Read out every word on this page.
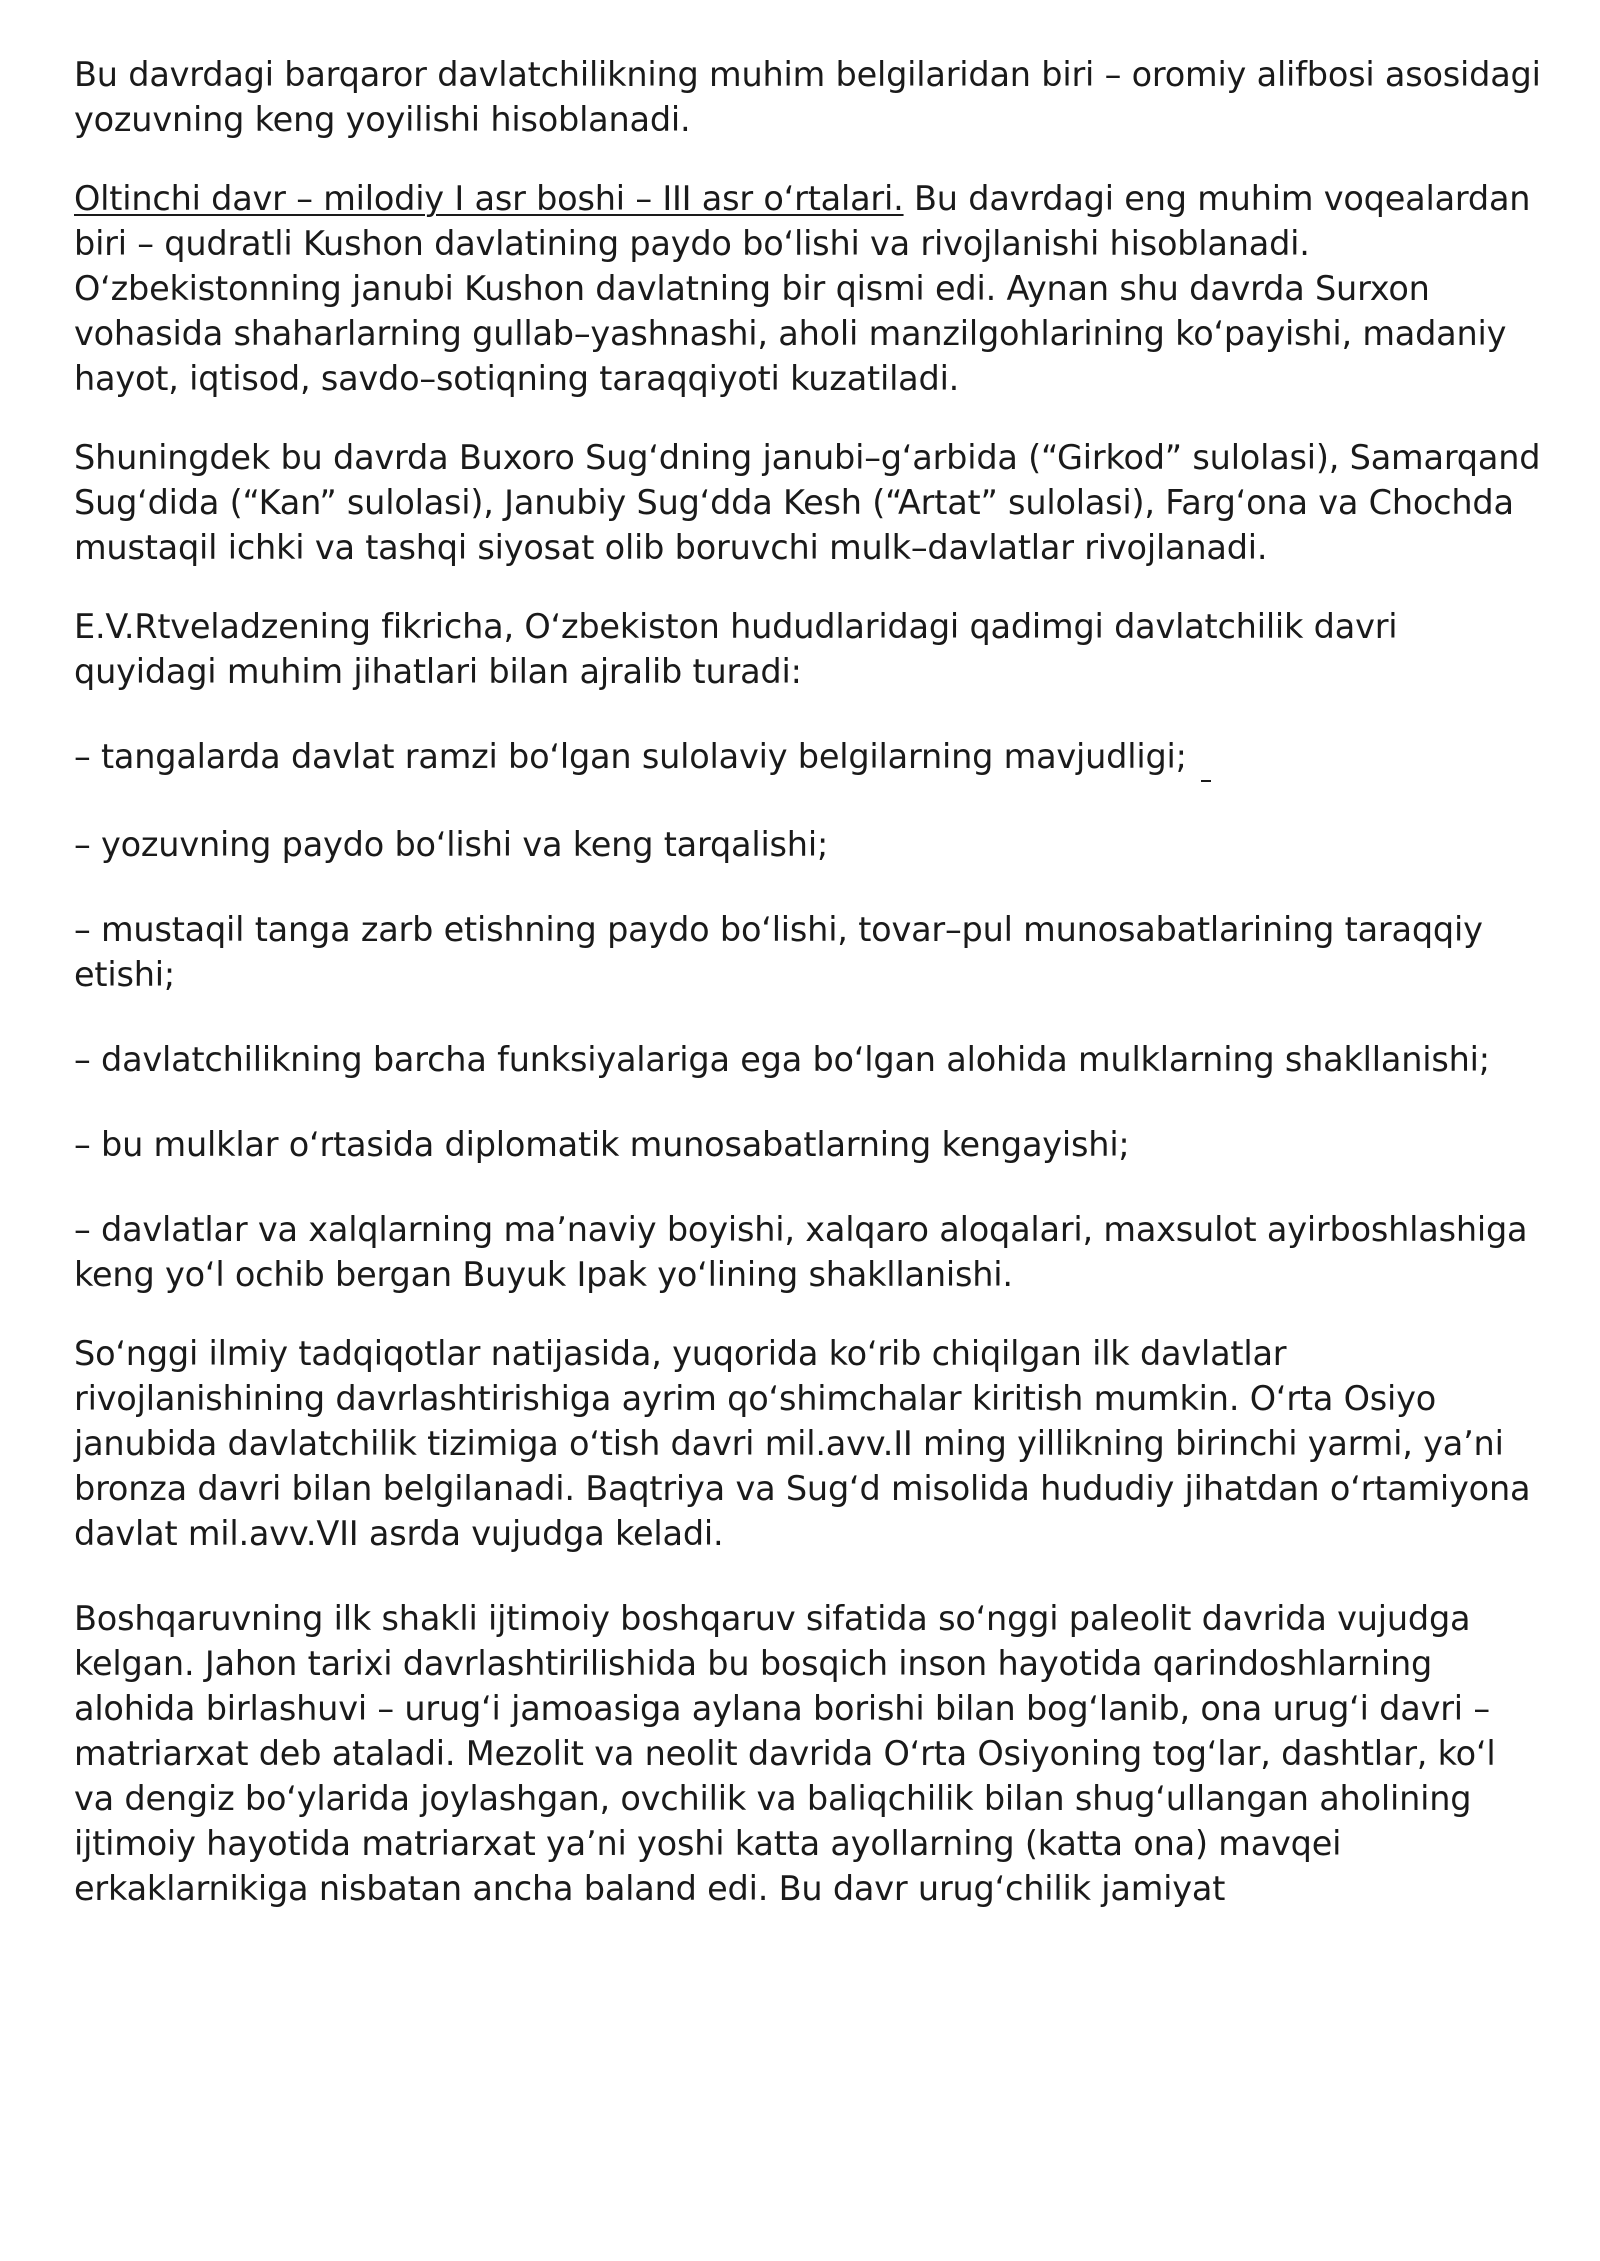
Bu davrdagi barqaror davlatchilikning muhim belgilaridan biri – oromiy alifbosi asosidagi yozuvning keng yoyilishi hisoblanadi.

Oltinchi davr – milodiy I asr boshi – III asr oʻrtalari. Bu davrdagi eng muhim voqealardan biri – qudratli Kushon davlatining paydo boʻlishi va rivojlanishi hisoblanadi. Oʻzbekistonning janubi Kushon davlatning bir qismi edi. Aynan shu davrda Surxon vohasida shaharlarning gullab–yashnashi, aholi manzilgohlarining koʻpayishi, madaniy hayot, iqtisod, savdo–sotiqning taraqqiyoti kuzatiladi.

Shuningdek bu davrda Buxoro Sugʻdning janubi–gʻarbida (“Girkod” sulolasi), Samarqand Sugʻdida (“Kan” sulolasi), Janubiy Sugʻdda Kesh (“Artat” sulolasi), Fargʻona va Chochda mustaqil ichki va tashqi siyosat olib boruvchi mulk–davlatlar rivojlanadi.

E.V.Rtveladzening fikricha, Oʻzbekiston hududlaridagi qadimgi davlatchilik davri quyidagi muhim jihatlari bilan ajralib turadi:

– tangalarda davlat ramzi boʻlgan sulolaviy belgilarning mavjudligi;

– yozuvning paydo boʻlishi va keng tarqalishi;

– mustaqil tanga zarb etishning paydo boʻlishi, tovar–pul munosabatlarining taraqqiy etishi;

– davlatchilikning barcha funksiyalariga ega boʻlgan alohida mulklarning shakllanishi;

– bu mulklar oʻrtasida diplomatik munosabatlarning kengayishi;

– davlatlar va xalqlarning maʼnaviy boyishi, xalqaro aloqalari, maxsulot ayirboshlashiga keng yoʻl ochib bergan Buyuk Ipak yoʻlining shakllanishi.

Soʻnggi ilmiy tadqiqotlar natijasida, yuqorida koʻrib chiqilgan ilk davlatlar rivojlanishining davrlashtirishiga ayrim qoʻshimchalar kiritish mumkin. Oʻrta Osiyo janubida davlatchilik tizimiga oʻtish davri mil.avv.II ming yillikning birinchi yarmi, yaʼni bronza davri bilan belgilanadi. Baqtriya va Sugʻd misolida hududiy jihatdan oʻrtamiyona davlat mil.avv.VII asrda vujudga keladi.

Boshqaruvning ilk shakli ijtimoiy boshqaruv sifatida soʻnggi paleolit davrida vujudga kelgan. Jahon tarixi davrlashtirilishida bu bosqich inson hayotida qarindoshlarning alohida birlashuvi – urugʻi jamoasiga aylana borishi bilan bogʻlanib, ona urugʻi davri – matriarxat deb ataladi. Mezolit va neolit davrida Oʻrta Osiyoning togʻlar, dashtlar, koʻl va dengiz boʻylarida joylashgan, ovchilik va baliqchilik bilan shugʻullangan aholining ijtimoiy hayotida matriarxat yaʼni yoshi katta ayollarning (katta ona) mavqei erkaklarnikiga nisbatan ancha baland edi. Bu davr urugʻchilik jamiyat
